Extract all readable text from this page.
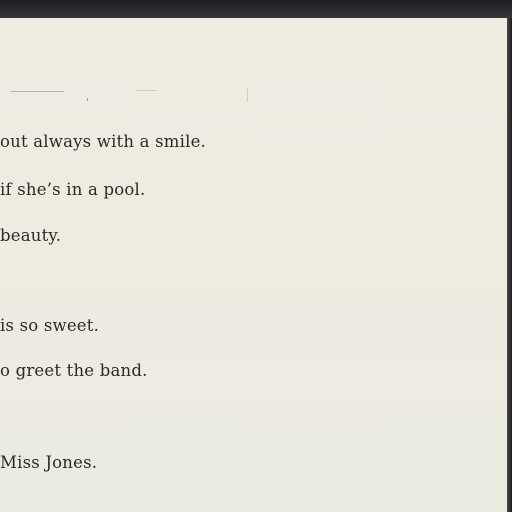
out always with a smile.

if she’s in a pool.

beauty.

is so sweet.

o greet the band.

Miss Jones.
